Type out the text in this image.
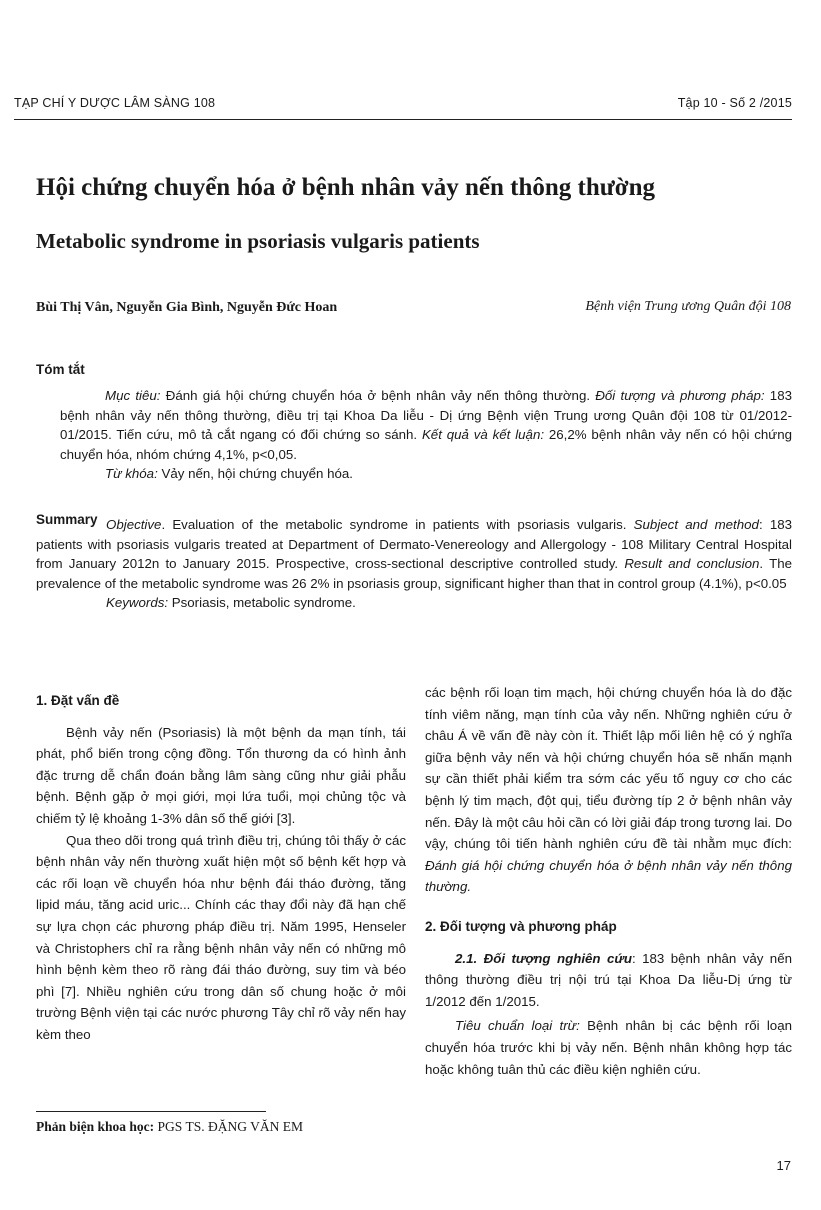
TẠP CHÍ Y DƯỢC LÂM SÀNG 108	Tập 10 - Số 2 /2015
Hội chứng chuyển hóa ở bệnh nhân vảy nến thông thường
Metabolic syndrome in psoriasis vulgaris patients
Bùi Thị Vân, Nguyễn Gia Bình, Nguyễn Đức Hoan	Bệnh viện Trung ương Quân đội 108
Tóm tắt
Mục tiêu: Đánh giá hội chứng chuyển hóa ở bệnh nhân vảy nến thông thường. Đối tượng và phương pháp: 183 bệnh nhân vảy nến thông thường, điều trị tại Khoa Da liễu - Dị ứng Bệnh viện Trung ương Quân đội 108 từ 01/2012-01/2015. Tiến cứu, mô tả cắt ngang có đối chứng so sánh. Kết quả và kết luận: 26,2% bệnh nhân vảy nến có hội chứng chuyển hóa, nhóm chứng 4,1%, p<0,05.
Từ khóa: Vảy nến, hội chứng chuyển hóa.
Summary Objective. Evaluation of the metabolic syndrome in patients with psoriasis vulgaris. Subject and method: 183 patients with psoriasis vulgaris treated at Department of Dermato-Venereology and Allergology - 108 Military Central Hospital from January 2012n to January 2015. Prospective, cross-sectional descriptive controlled study. Result and conclusion. The prevalence of the metabolic syndrome was 26 2% in psoriasis group, significant higher than that in control group (4.1%), p<0.05
Keywords: Psoriasis, metabolic syndrome.

1. Đặt vấn đề

Bệnh vảy nến (Psoriasis) là một bệnh da mạn tính, tái phát, phổ biến trong cộng đồng. Tổn thương da có hình ảnh đặc trưng dễ chẩn đoán bằng lâm sàng cũng như giải phẫu bệnh. Bệnh gặp ở mọi giới, mọi lứa tuổi, mọi chủng tộc và chiếm tỷ lệ khoảng 1-3% dân số thế giới [3].

Qua theo dõi trong quá trình điều trị, chúng tôi thấy ở các bệnh nhân vảy nến thường xuất hiện một số bệnh kết hợp và các rối loạn về chuyển hóa như bệnh đái tháo đường, tăng lipid máu, tăng acid uric... Chính các thay đổi này đã hạn chế sự lựa chọn các phương pháp điều trị. Năm 1995, Henseler và Christophers chỉ ra rằng bệnh nhân vảy nến có những mô hình bệnh kèm theo rõ ràng đái tháo đường, suy tim và béo phì [7]. Nhiều nghiên cứu trong dân số chung hoặc ở môi trường Bệnh viện tại các nước phương Tây chỉ rõ vảy nến hay kèm theo

các bệnh rối loạn tim mạch, hội chứng chuyển hóa là do đặc tính viêm năng, mạn tính của vảy nến. Những nghiên cứu ở châu Á về vấn đề này còn ít. Thiết lập mối liên hệ có ý nghĩa giữa bệnh vảy nến và hội chứng chuyển hóa sẽ nhấn mạnh sự cần thiết phải kiểm tra sớm các yếu tố nguy cơ cho các bệnh lý tim mạch, đột quị, tiểu đường típ 2 ở bệnh nhân vảy nến. Đây là một câu hỏi cần có lời giải đáp trong tương lai. Do vậy, chúng tôi tiến hành nghiên cứu đề tài nhằm mục đích: Đánh giá hội chứng chuyển hóa ở bệnh nhân vảy nến thông thường.

2. Đối tượng và phương pháp

2.1. Đối tượng nghiên cứu: 183 bệnh nhân vảy nến thông thường điều trị nội trú tại Khoa Da liễu-Dị ứng từ 1/2012 đến 1/2015.

Tiêu chuẩn loại trừ: Bệnh nhân bị các bệnh rối loạn chuyển hóa trước khi bị vảy nến. Bệnh nhân không hợp tác hoặc không tuân thủ các điều kiện nghiên cứu.

Phản biện khoa học: PGS TS. ĐẶNG VĂN EM
17
